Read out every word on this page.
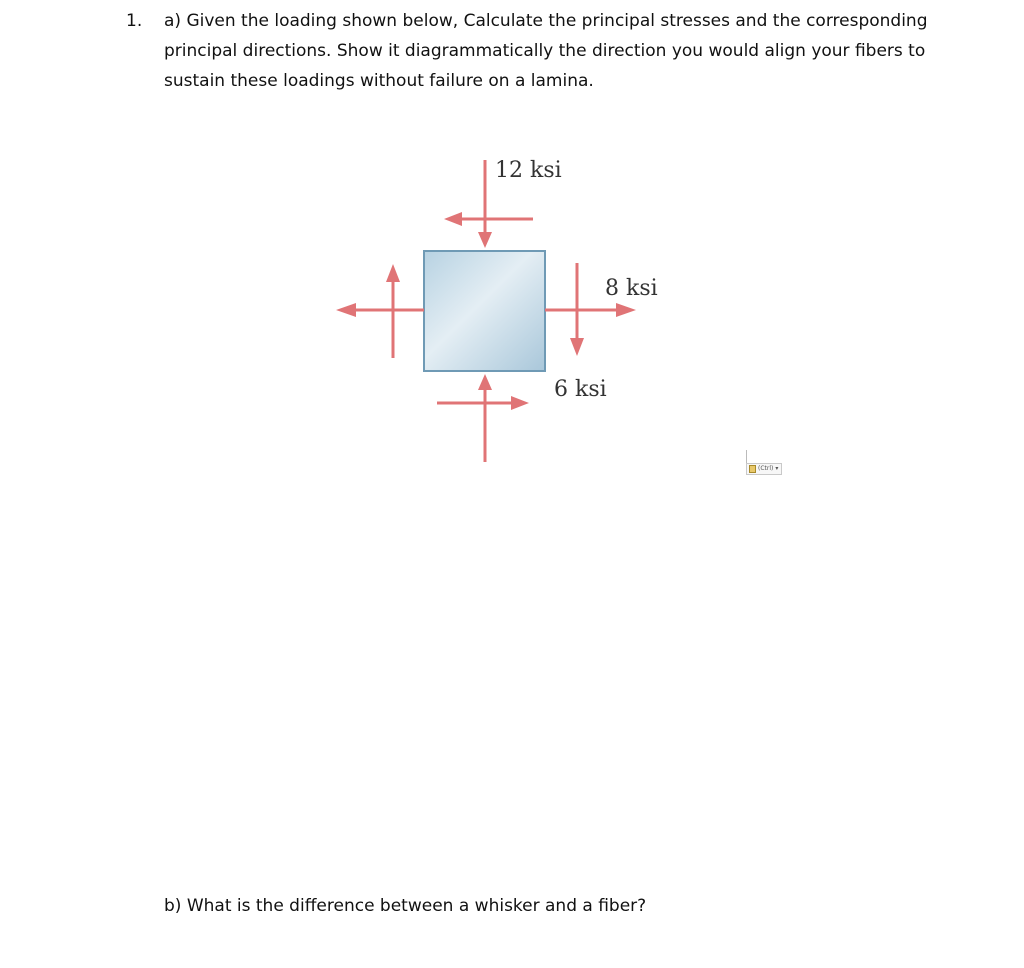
1. a) Given the loading shown below, Calculate the principal stresses and the corresponding
principal directions. Show it diagrammatically the direction you would align your fibers to
sustain these loadings without failure on a lamina.

12 ksi
8 ksi
6 ksi
(Ctrl) ▾

b) What is the difference between a whisker and a fiber?
